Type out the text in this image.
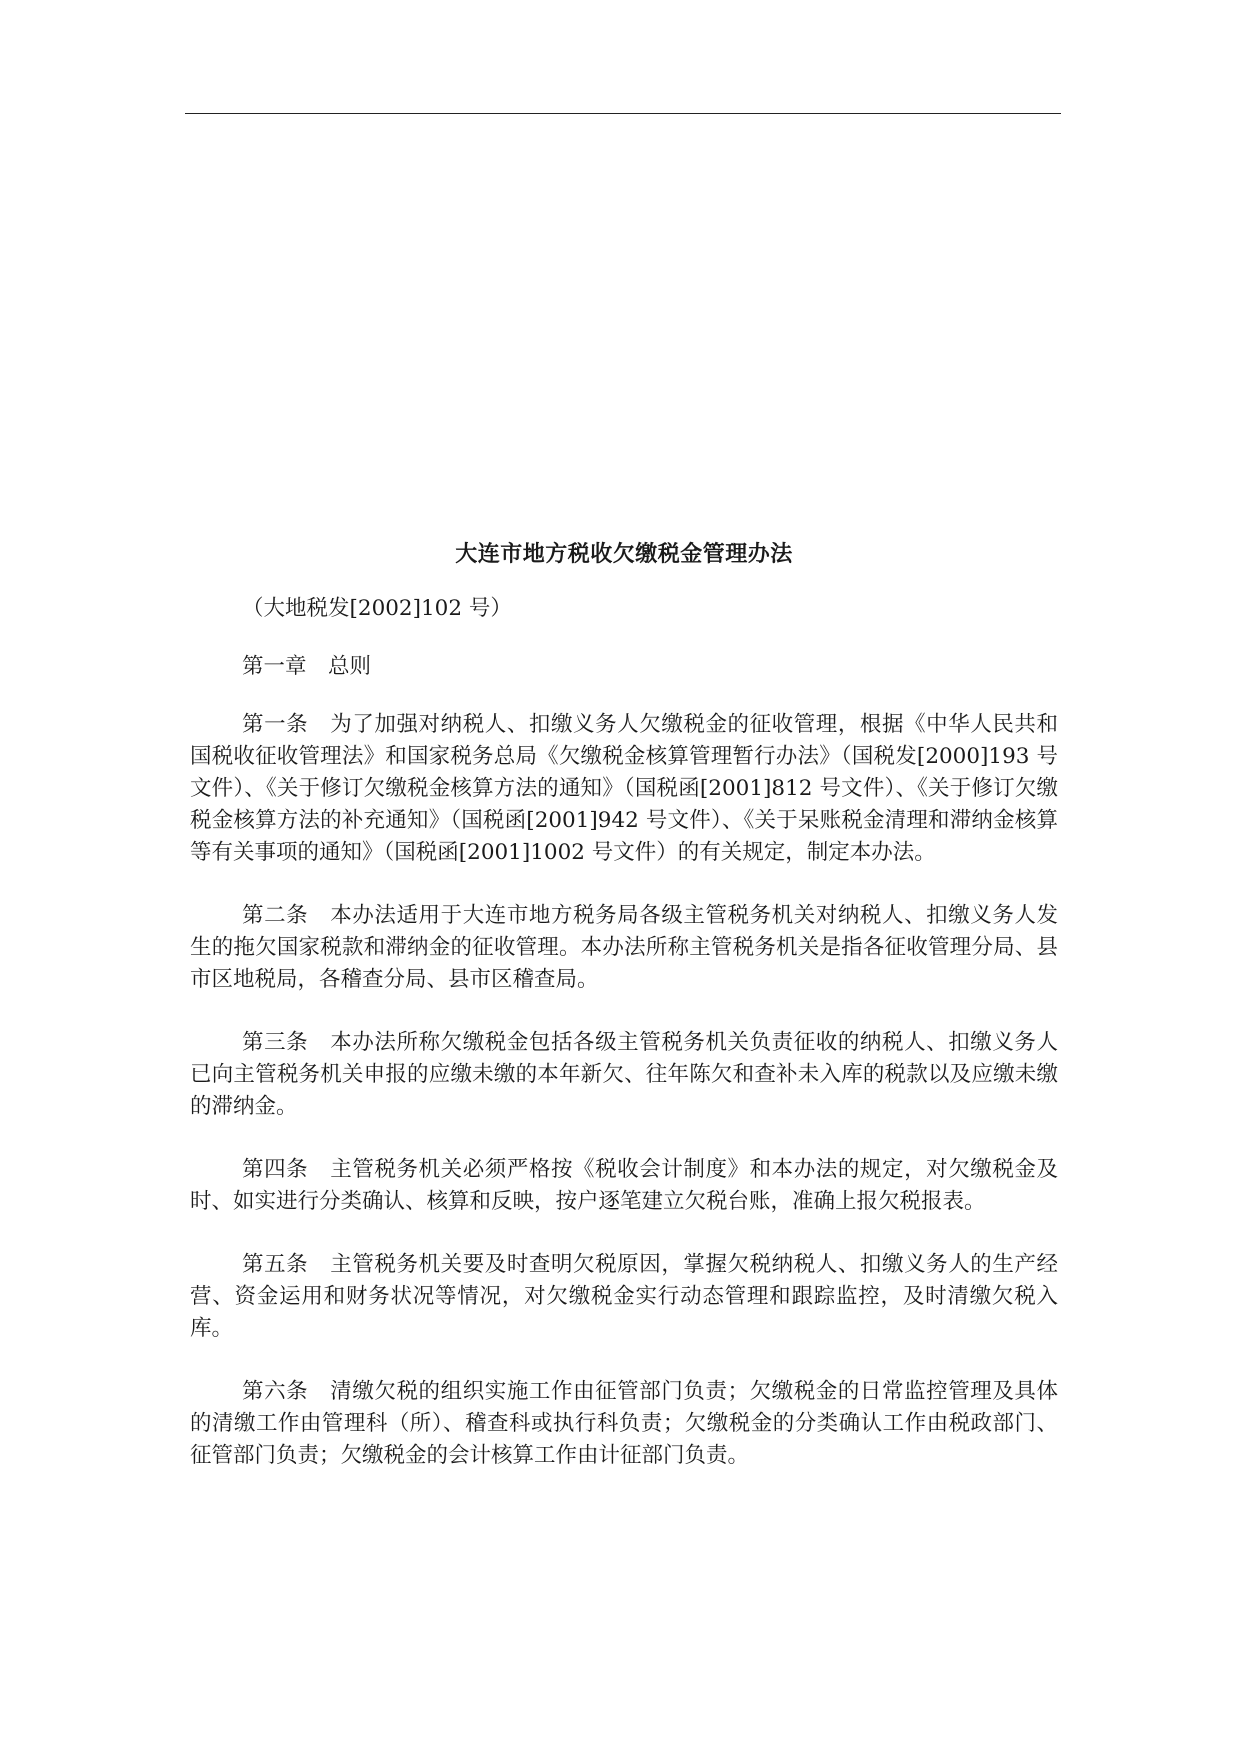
大连市地方税收欠缴税金管理办法

（大地税发[2002]102 号）

第一章　总则

第一条　为了加强对纳税人、扣缴义务人欠缴税金的征收管理，根据《中华人民共和国税收征收管理法》和国家税务总局《欠缴税金核算管理暂行办法》（国税发[2000]193 号文件）、《关于修订欠缴税金核算方法的通知》（国税函[2001]812 号文件）、《关于修订欠缴税金核算方法的补充通知》（国税函[2001]942 号文件）、《关于呆账税金清理和滞纳金核算等有关事项的通知》（国税函[2001]1002 号文件）的有关规定，制定本办法。

第二条　本办法适用于大连市地方税务局各级主管税务机关对纳税人、扣缴义务人发生的拖欠国家税款和滞纳金的征收管理。本办法所称主管税务机关是指各征收管理分局、县市区地税局，各稽查分局、县市区稽查局。

第三条　本办法所称欠缴税金包括各级主管税务机关负责征收的纳税人、扣缴义务人已向主管税务机关申报的应缴未缴的本年新欠、往年陈欠和查补未入库的税款以及应缴未缴的滞纳金。

第四条　主管税务机关必须严格按《税收会计制度》和本办法的规定，对欠缴税金及时、如实进行分类确认、核算和反映，按户逐笔建立欠税台账，准确上报欠税报表。

第五条　主管税务机关要及时查明欠税原因，掌握欠税纳税人、扣缴义务人的生产经营、资金运用和财务状况等情况，对欠缴税金实行动态管理和跟踪监控，及时清缴欠税入库。

第六条　清缴欠税的组织实施工作由征管部门负责；欠缴税金的日常监控管理及具体的清缴工作由管理科（所）、稽查科或执行科负责；欠缴税金的分类确认工作由税政部门、征管部门负责；欠缴税金的会计核算工作由计征部门负责。
